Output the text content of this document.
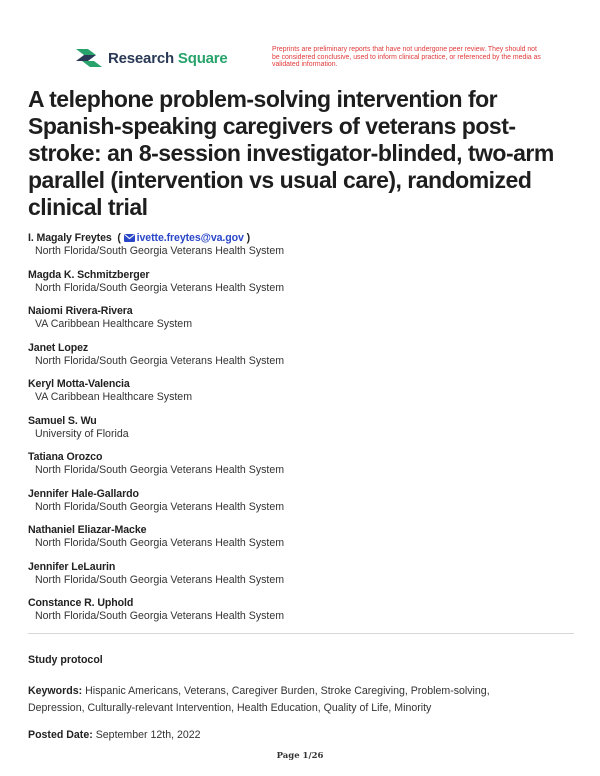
Research Square	Preprints are preliminary reports that have not undergone peer review. They should not be considered conclusive, used to inform clinical practice, or referenced by the media as validated information.
A telephone problem-solving intervention for Spanish-speaking caregivers of veterans post-stroke: an 8-session investigator-blinded, two-arm parallel (intervention vs usual care), randomized clinical trial
I. Magaly Freytes  ( ivette.freytes@va.gov )
North Florida/South Georgia Veterans Health System
Magda K. Schmitzberger
North Florida/South Georgia Veterans Health System
Naiomi Rivera-Rivera
VA Caribbean Healthcare System
Janet Lopez
North Florida/South Georgia Veterans Health System
Keryl Motta-Valencia
VA Caribbean Healthcare System
Samuel S. Wu
University of Florida
Tatiana Orozco
North Florida/South Georgia Veterans Health System
Jennifer Hale-Gallardo
North Florida/South Georgia Veterans Health System
Nathaniel Eliazar-Macke
North Florida/South Georgia Veterans Health System
Jennifer LeLaurin
North Florida/South Georgia Veterans Health System
Constance R. Uphold
North Florida/South Georgia Veterans Health System
Study protocol
Keywords: Hispanic Americans, Veterans, Caregiver Burden, Stroke Caregiving, Problem-solving, Depression, Culturally-relevant Intervention, Health Education, Quality of Life, Minority
Posted Date: September 12th, 2022
Page 1/26
